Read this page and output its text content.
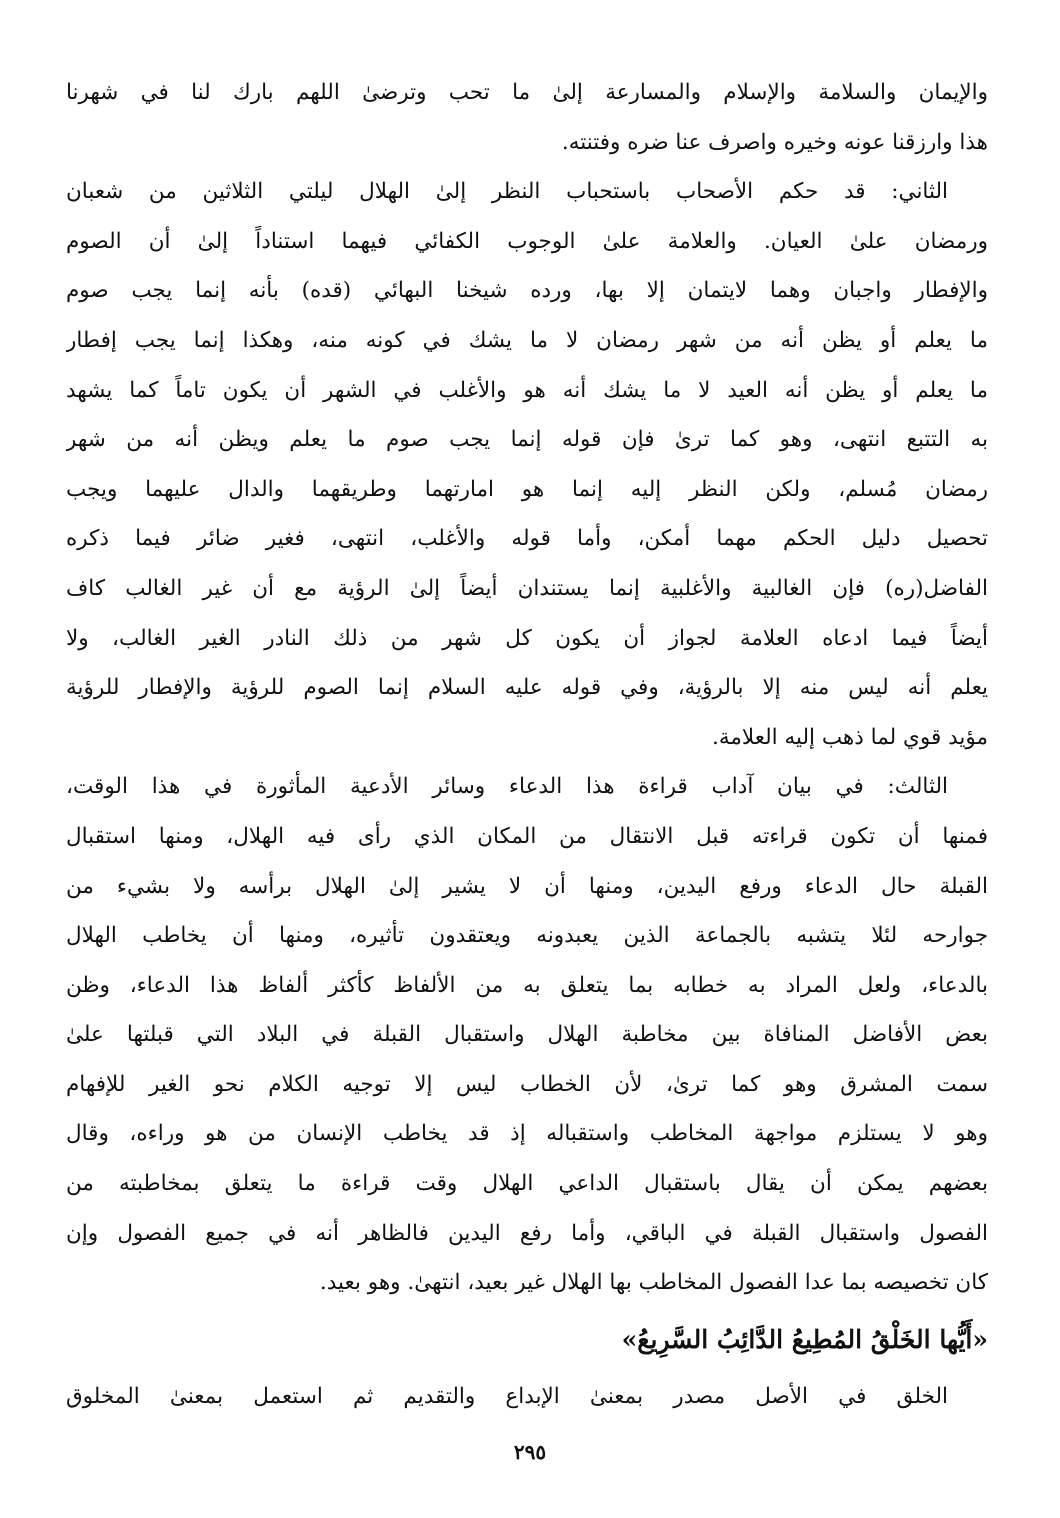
والإيمان والسلامة والإسلام والمسارعة إلىٰ ما تحب وترضىٰ اللهم بارك لنا في شهرنا
هذا وارزقنا عونه وخيره واصرف عنا ضره وفتنته.
الثاني: قد حكم الأصحاب باستحباب النظر إلىٰ الهلال ليلتي الثلاثين من شعبان
ورمضان علىٰ العيان. والعلامة علىٰ الوجوب الكفائي فيهما استناداً إلىٰ أن الصوم
والإفطار واجبان وهما لايتمان إلا بها، ورده شيخنا البهائي (قده) بأنه إنما يجب صوم
ما يعلم أو يظن أنه من شهر رمضان لا ما يشك في كونه منه، وهكذا إنما يجب إفطار
ما يعلم أو يظن أنه العيد لا ما يشك أنه هو والأغلب في الشهر أن يكون تاماً كما يشهد
به التتبع انتهى، وهو كما ترىٰ فإن قوله إنما يجب صوم ما يعلم ويظن أنه من شهر
رمضان مُسلم، ولكن النظر إليه إنما هو امارتهما وطريقهما والدال عليهما ويجب
تحصيل دليل الحكم مهما أمكن، وأما قوله والأغلب، انتهى، فغير ضائر فيما ذكره
الفاضل(ره) فإن الغالبية والأغلبية إنما يستندان أيضاً إلىٰ الرؤية مع أن غير الغالب كاف
أيضاً فيما ادعاه العلامة لجواز أن يكون كل شهر من ذلك النادر الغير الغالب، ولا
يعلم أنه ليس منه إلا بالرؤية، وفي قوله عليه السلام إنما الصوم للرؤية والإفطار للرؤية
مؤيد قوي لما ذهب إليه العلامة.
الثالث: في بيان آداب قراءة هذا الدعاء وسائر الأدعية المأثورة في هذا الوقت،
فمنها أن تكون قراءته قبل الانتقال من المكان الذي رأى فيه الهلال، ومنها استقبال
القبلة حال الدعاء ورفع اليدين، ومنها أن لا يشير إلىٰ الهلال برأسه ولا بشيء من
جوارحه لئلا يتشبه بالجماعة الذين يعبدونه ويعتقدون تأثيره، ومنها أن يخاطب الهلال
بالدعاء، ولعل المراد به خطابه بما يتعلق به من الألفاظ كأكثر ألفاظ هذا الدعاء، وظن
بعض الأفاضل المنافاة بين مخاطبة الهلال واستقبال القبلة في البلاد التي قبلتها علىٰ
سمت المشرق وهو كما ترىٰ، لأن الخطاب ليس إلا توجيه الكلام نحو الغير للإفهام
وهو لا يستلزم مواجهة المخاطب واستقباله إذ قد يخاطب الإنسان من هو وراءه، وقال
بعضهم يمكن أن يقال باستقبال الداعي الهلال وقت قراءة ما يتعلق بمخاطبته من
الفصول واستقبال القبلة في الباقي، وأما رفع اليدين فالظاهر أنه في جميع الفصول وإن
كان تخصيصه بما عدا الفصول المخاطب بها الهلال غير بعيد، انتهىٰ. وهو بعيد.
«أَيُّها الخَلْقُ المُطِيعُ الدَّائِبُ السَّرِيعُ»
الخلق في الأصل مصدر بمعنىٰ الإبداع والتقديم ثم استعمل بمعنىٰ المخلوق
٢٩٥
